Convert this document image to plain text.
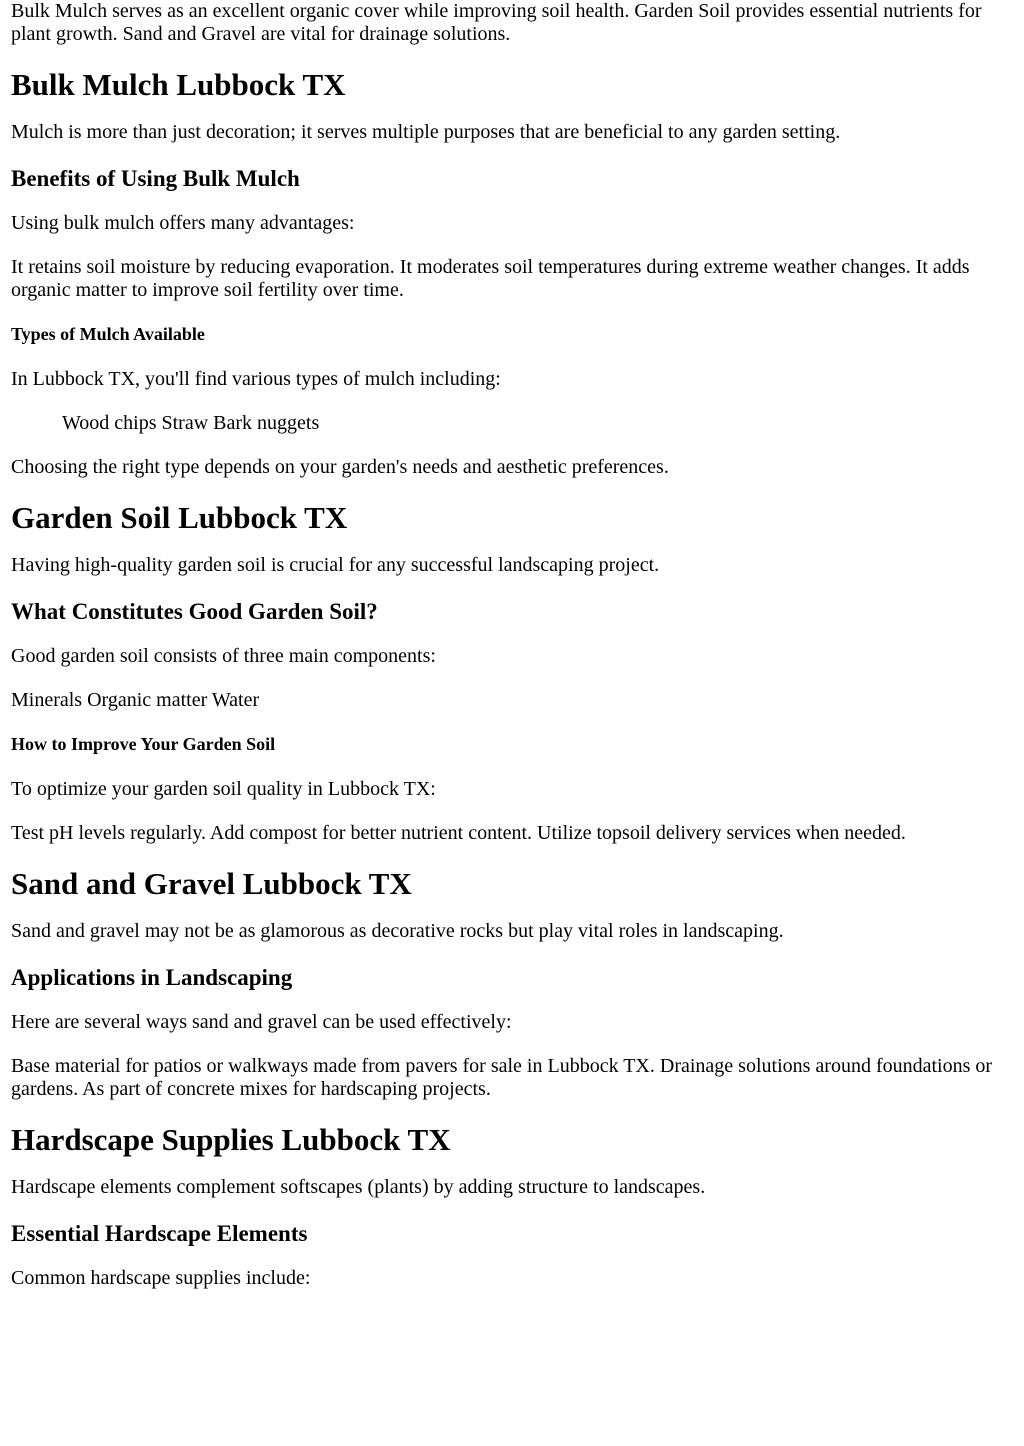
Bulk Mulch serves as an excellent organic cover while improving soil health. Garden Soil provides essential nutrients for plant growth. Sand and Gravel are vital for drainage solutions.

Bulk Mulch Lubbock TX

Mulch is more than just decoration; it serves multiple purposes that are beneficial to any garden setting.

Benefits of Using Bulk Mulch

Using bulk mulch offers many advantages:

It retains soil moisture by reducing evaporation. It moderates soil temperatures during extreme weather changes. It adds organic matter to improve soil fertility over time.

Types of Mulch Available

In Lubbock TX, you'll find various types of mulch including:

Wood chips Straw Bark nuggets

Choosing the right type depends on your garden's needs and aesthetic preferences.

Garden Soil Lubbock TX

Having high-quality garden soil is crucial for any successful landscaping project.

What Constitutes Good Garden Soil?

Good garden soil consists of three main components:

Minerals Organic matter Water

How to Improve Your Garden Soil

To optimize your garden soil quality in Lubbock TX:

Test pH levels regularly. Add compost for better nutrient content. Utilize topsoil delivery services when needed.

Sand and Gravel Lubbock TX

Sand and gravel may not be as glamorous as decorative rocks but play vital roles in landscaping.

Applications in Landscaping

Here are several ways sand and gravel can be used effectively:

Base material for patios or walkways made from pavers for sale in Lubbock TX. Drainage solutions around foundations or gardens. As part of concrete mixes for hardscaping projects.

Hardscape Supplies Lubbock TX

Hardscape elements complement softscapes (plants) by adding structure to landscapes.

Essential Hardscape Elements

Common hardscape supplies include:
